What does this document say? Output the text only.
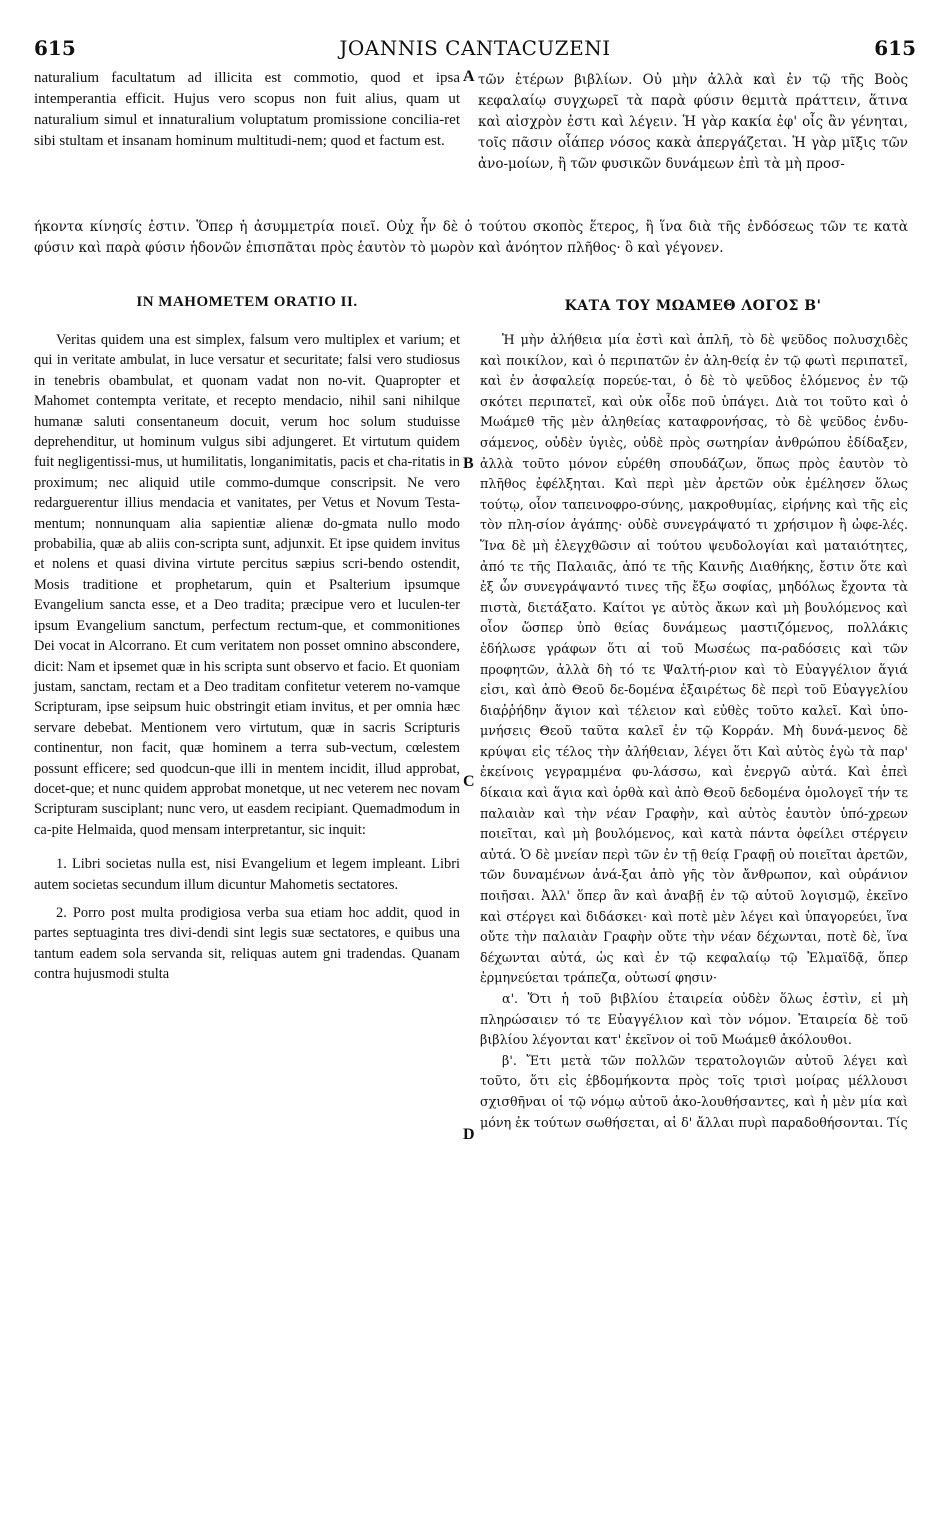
615	JOANNIS CANTACUZENI	615

naturalium facultatum ad illicita est commotio, quod et ipsa intemperantia efficit. Hujus vero scopus non fuit alius, quam ut naturalium simul et innaturalium voluptatum promissione concilia-ret sibi stultam et insanam hominum multitudi-nem; quod et factum est.

A τῶν ἑτέρων βιβλίων. Οὐ μὴν ἀλλὰ καὶ ἐν τῷ τῆς Βοὸς κεφαλαίῳ συγχωρεῖ τὰ παρὰ φύσιν θεμιτὰ πράττειν, ἅτινα καὶ αἰσχρὸν ἐστι καὶ λέγειν. Ἡ γὰρ κακία ἐφ' οἷς ἂν γένηται, τοῖς πᾶσιν οἷάπερ νόσος κακὰ ἀπεργάζεται. Ἡ γὰρ μῖξις τῶν ἀνο-μοίων, ἢ τῶν φυσικῶν δυνάμεων ἐπὶ τὰ μὴ προσ-

ήκοντα κίνησίς ἐστιν. Ὅπερ ἡ ἀσυμμετρία ποιεῖ. Οὐχ ἦν δὲ ὁ τούτου σκοπὸς ἕτερος, ἢ ἵνα διὰ τῆς ἐνδόσεως τῶν τε κατὰ φύσιν καὶ παρὰ φύσιν ἡδονῶν ἐπισπᾶται πρὸς ἑαυτὸν τὸ μωρὸν καὶ ἀνόητον πλῆθος· ὃ καὶ γέγονεν.

IN MAHOMETEM ORATIO II.	ΚΑΤΑ ΤΟΥ ΜΩΑΜΕΘ ΛΟΓΟΣ Β'

Veritas quidem una est simplex, falsum vero multiplex et varium; et qui in veritate ambulat, in luce versatur et securitate; falsi vero studiosus in tenebris obambulat, et quonam vadat non no-vit. Quapropter et Mahomet contempta veritate, et recepto mendacio, nihil sani nihilque humanæ saluti consentaneum docuit, verum hoc solum studuisse deprehenditur, ut hominum vulgus sibi adjungeret. Et virtutum quidem fuit negligentissi-mus, ut humilitatis, longanimitatis, pacis et cha-ritatis in proximum; nec aliquid utile commo-dumque conscripsit. Ne vero redarguerentur illius mendacia et vanitates, per Vetus et Novum Testa-mentum; nonnunquam alia sapientiæ alienæ do-gmata nullo modo probabilia, quæ ab aliis con-scripta sunt, adjunxit. Et ipse quidem invitus et nolens et quasi divina virtute percitus sæpius scri-bendo ostendit, Mosis traditione et prophetarum, quin et Psalterium ipsumque Evangelium sancta esse, et a Deo tradita; præcipue vero et luculen-ter ipsum Evangelium sanctum, perfectum rectum-que, et commonitiones Dei vocat in Alcorrano. Et cum veritatem non posset omnino abscondere, dicit: Nam et ipsemet quæ in his scripta sunt observo et facio. Et quoniam justam, sanctam, rectam et a Deo traditam confitetur veterem no-vamque Scripturam, ipse seipsum huic obstringit etiam invitus, et per omnia hæc servare debebat. Mentionem vero virtutum, quæ in sacris Scripturis continentur, non facit, quæ hominem a terra sub-vectum, cœlestem possunt efficere; sed quodcun-que illi in mentem incidit, illud approbat, docet-que; et nunc quidem approbat monetque, ut nec veterem nec novam Scripturam susciplant; nunc vero, ut easdem recipiant. Quemadmodum in ca-pite Helmaida, quod mensam interpretantur, sic inquit:

1. Libri societas nulla est, nisi Evangelium et legem impleant. Libri autem societas secundum illum dicuntur Mahometis sectatores.

2. Porro post multa prodigiosa verba sua etiam hoc addit, quod in partes septuaginta tres divi-dendi sint legis suæ sectatores, e quibus una tantum eadem sola servanda sit, reliquas autem gni tradendas. Quanam contra hujusmodi stulta

B
C
D

Ἡ μὴν ἀλήθεια μία ἐστὶ καὶ ἁπλῆ, τὸ δὲ ψεῦδος πολυσχιδὲς καὶ ποικίλον, καὶ ὁ περιπατῶν ἐν ἀλη-θείᾳ ἐν τῷ φωτὶ περιπατεῖ, καὶ ἐν ἀσφαλείᾳ πορεύε-ται, ὁ δὲ τὸ ψεῦδος ἑλόμενος ἐν τῷ σκότει περιπατεῖ, καὶ οὐκ οἶδε ποῦ ὑπάγει. Διὰ τοι τοῦτο καὶ ὁ Μωάμεθ τῆς μὲν ἀληθείας καταφρονήσας, τὸ δὲ ψεῦδος ἐνδυ-σάμενος, οὐδὲν ὑγιὲς, οὐδὲ πρὸς σωτηρίαν ἀνθρώπου ἐδίδαξεν, ἀλλὰ τοῦτο μόνον εὑρέθη σπουδάζων, ὅπως πρὸς ἑαυτὸν τὸ πλῆθος ἐφέλξηται. Καὶ περὶ μὲν ἀρετῶν οὐκ ἐμέλησεν ὅλως τούτῳ, οἷον ταπεινοφρο-σύνης, μακροθυμίας, εἰρήνης καὶ τῆς εἰς τὸν πλη-σίον ἀγάπης· οὐδὲ συνεγράψατό τι χρήσιμον ἢ ὠφε-λές. Ἵνα δὲ μὴ ἐλεγχθῶσιν αἱ τούτου ψευδολογίαι καὶ ματαιότητες, ἀπό τε τῆς Παλαιᾶς, ἀπό τε τῆς Καινῆς Διαθήκης, ἔστιν ὅτε καὶ ἐξ ὧν συνεγράψαντό τινες τῆς ἔξω σοφίας, μηδόλως ἔχοντα τὰ πιστὰ, διετάξατο. Καίτοι γε αὐτὸς ἄκων καὶ μὴ βουλόμενος καὶ οἷον ὥσπερ ὑπὸ θείας δυνάμεως μαστιζόμενος, πολλάκις ἐδήλωσε γράφων ὅτι αἱ τοῦ Μωσέως πα-ραδόσεις καὶ τῶν προφητῶν, ἀλλὰ δὴ τό τε Ψαλτή-ριον καὶ τὸ Εὐαγγέλιον ἅγιά εἰσι, καὶ ἀπὸ Θεοῦ δε-δομένα ἐξαιρέτως δὲ περὶ τοῦ Εὐαγγελίου διαῤῥήδην ἅγιον καὶ τέλειον καὶ εὐθὲς τοῦτο καλεῖ. Καὶ ὑπο-μνήσεις Θεοῦ ταῦτα καλεῖ ἐν τῷ Κορράν. Μὴ δυνά-μενος δὲ κρύψαι εἰς τέλος τὴν ἀλήθειαν, λέγει ὅτι Καὶ αὐτὸς ἐγὼ τὰ παρ' ἐκείνοις γεγραμμένα φυ-λάσσω, καὶ ἐνεργῶ αὐτά. Καὶ ἐπεὶ δίκαια καὶ ἅγια καὶ ὀρθὰ καὶ ἀπὸ Θεοῦ δεδομένα ὁμολογεῖ τήν τε παλαιὰν καὶ τὴν νέαν Γραφὴν, καὶ αὐτὸς ἑαυτὸν ὑπό-χρεων ποιεῖται, καὶ μὴ βουλόμενος, καὶ κατὰ πάντα ὀφείλει στέργειν αὐτά. Ὁ δὲ μνείαν περὶ τῶν ἐν τῇ θείᾳ Γραφῇ οὐ ποιεῖται ἀρετῶν, τῶν δυναμένων ἀνά-ξαι ἀπὸ γῆς τὸν ἄνθρωπον, καὶ οὐράνιον ποιῆσαι. Ἀλλ' ὅπερ ἂν καὶ ἀναβῇ ἐν τῷ αὐτοῦ λογισμῷ, ἐκεῖνο καὶ στέργει καὶ διδάσκει· καὶ ποτὲ μὲν λέγει καὶ ὑπαγορεύει, ἵνα οὔτε τὴν παλαιὰν Γραφὴν οὔτε τὴν νέαν δέχωνται, ποτὲ δὲ, ἵνα δέχωνται αὐτά, ὡς καὶ ἐν τῷ κεφαλαίῳ τῷ Ἐλμαϊδᾷ, ὅπερ ἑρμηνεύεται τράπεζα, οὑτωσί φησιν·

α'. Ὅτι ἡ τοῦ βιβλίου ἑταιρεία οὐδὲν ὅλως ἐστὶν, εἰ μὴ πληρώσαιεν τό τε Εὐαγγέλιον καὶ τὸν νόμον. Ἑταιρεία δὲ τοῦ βιβλίου λέγονται κατ' ἐκεῖνον οἱ τοῦ Μωάμεθ ἀκόλουθοι.

β'. Ἔτι μετὰ τῶν πολλῶν τερατολογιῶν αὐτοῦ λέγει καὶ τοῦτο, ὅτι εἰς ἑβδομήκοντα πρὸς τοῖς τρισὶ μοίρας μέλλουσι σχισθῆναι οἱ τῷ νόμῳ αὐτοῦ ἀκο-λουθήσαντες, καὶ ἡ μὲν μία καὶ μόνη ἐκ τούτων σωθήσεται, αἱ δ' ἄλλαι πυρὶ παραδοθήσονται. Τίς
